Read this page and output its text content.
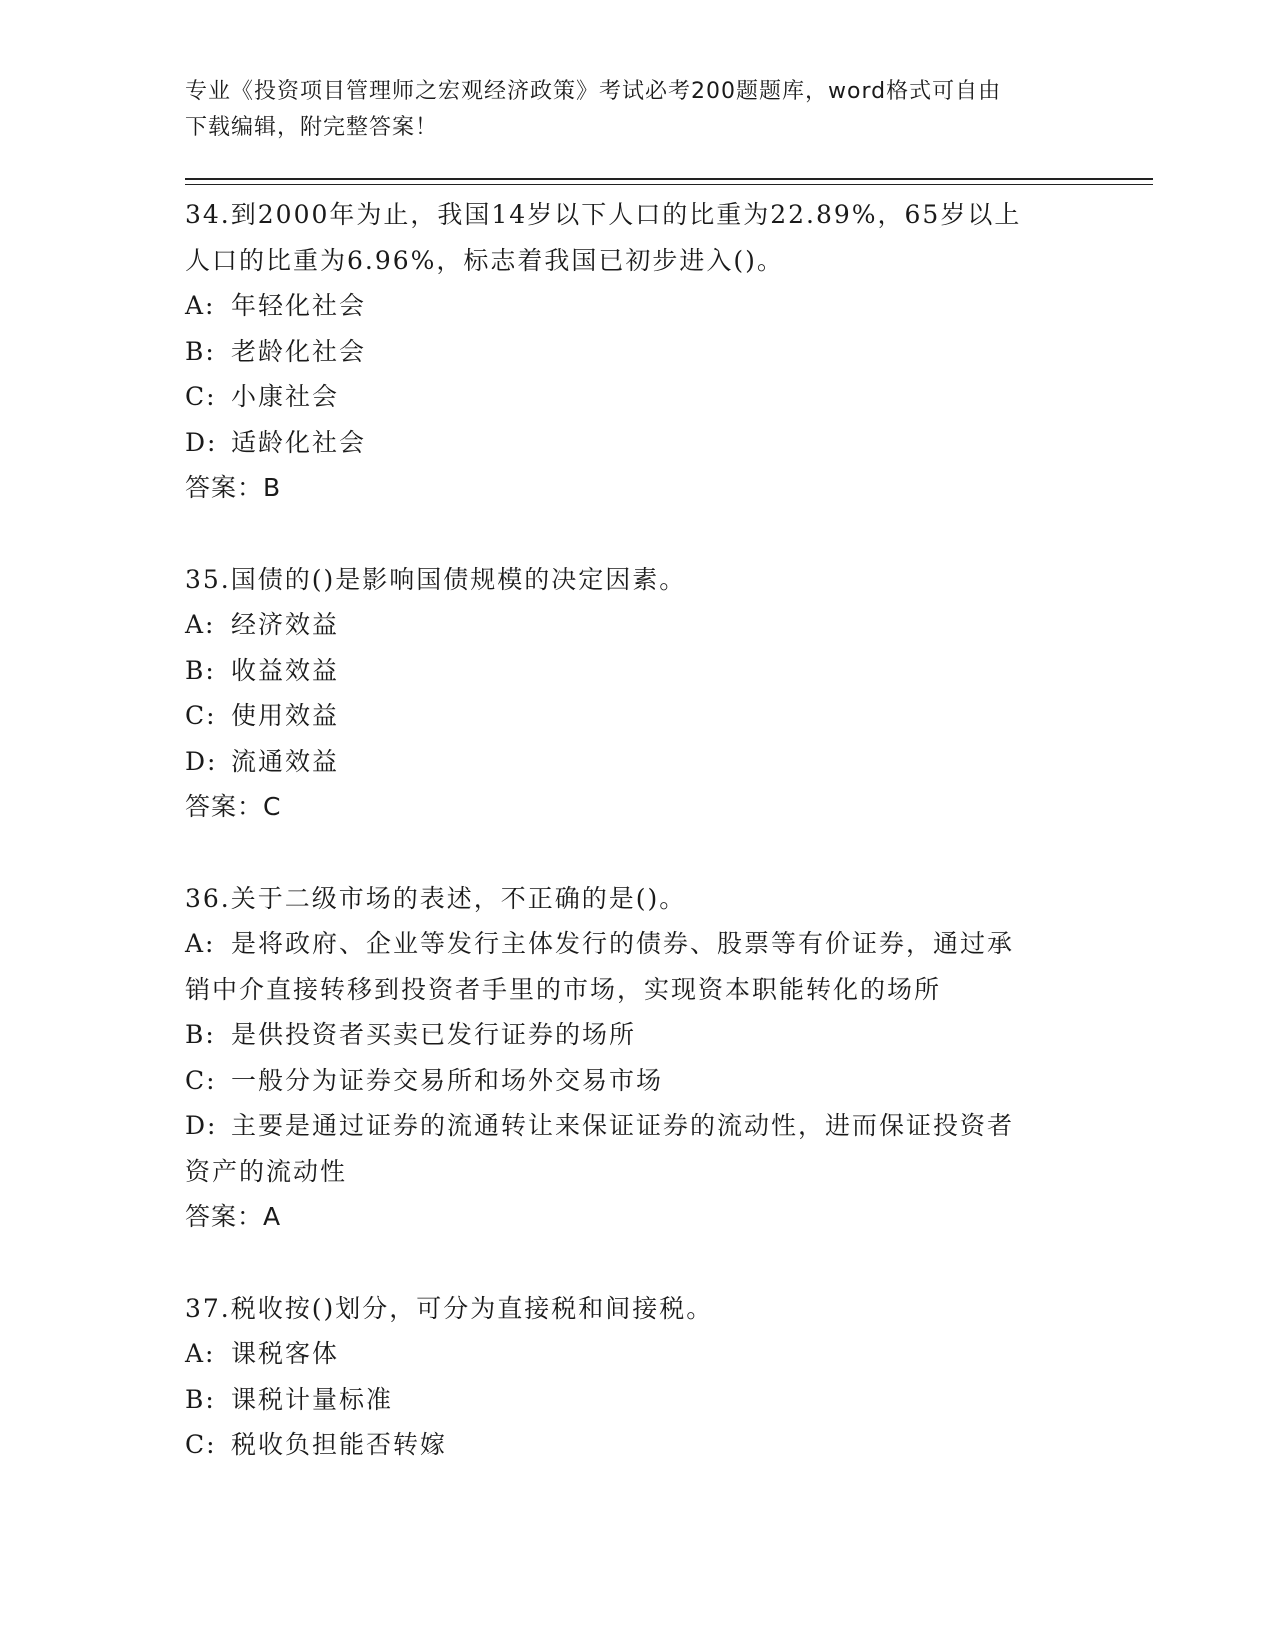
专业《投资项目管理师之宏观经济政策》考试必考200题题库，word格式可自由
下载编辑，附完整答案！

34.到2000年为止，我国14岁以下人口的比重为22.89%，65岁以上

人口的比重为6.96%，标志着我国已初步进入()。

A: 年轻化社会

B: 老龄化社会

C: 小康社会

D: 适龄化社会

答案：B

35.国债的()是影响国债规模的决定因素。

A: 经济效益

B: 收益效益

C: 使用效益

D: 流通效益

答案：C

36.关于二级市场的表述，不正确的是()。

A: 是将政府、企业等发行主体发行的债券、股票等有价证券，通过承

销中介直接转移到投资者手里的市场，实现资本职能转化的场所

B: 是供投资者买卖已发行证券的场所

C: 一般分为证券交易所和场外交易市场

D: 主要是通过证券的流通转让来保证证券的流动性，进而保证投资者

资产的流动性

答案：A

37.税收按()划分，可分为直接税和间接税。

A: 课税客体

B: 课税计量标准

C: 税收负担能否转嫁
